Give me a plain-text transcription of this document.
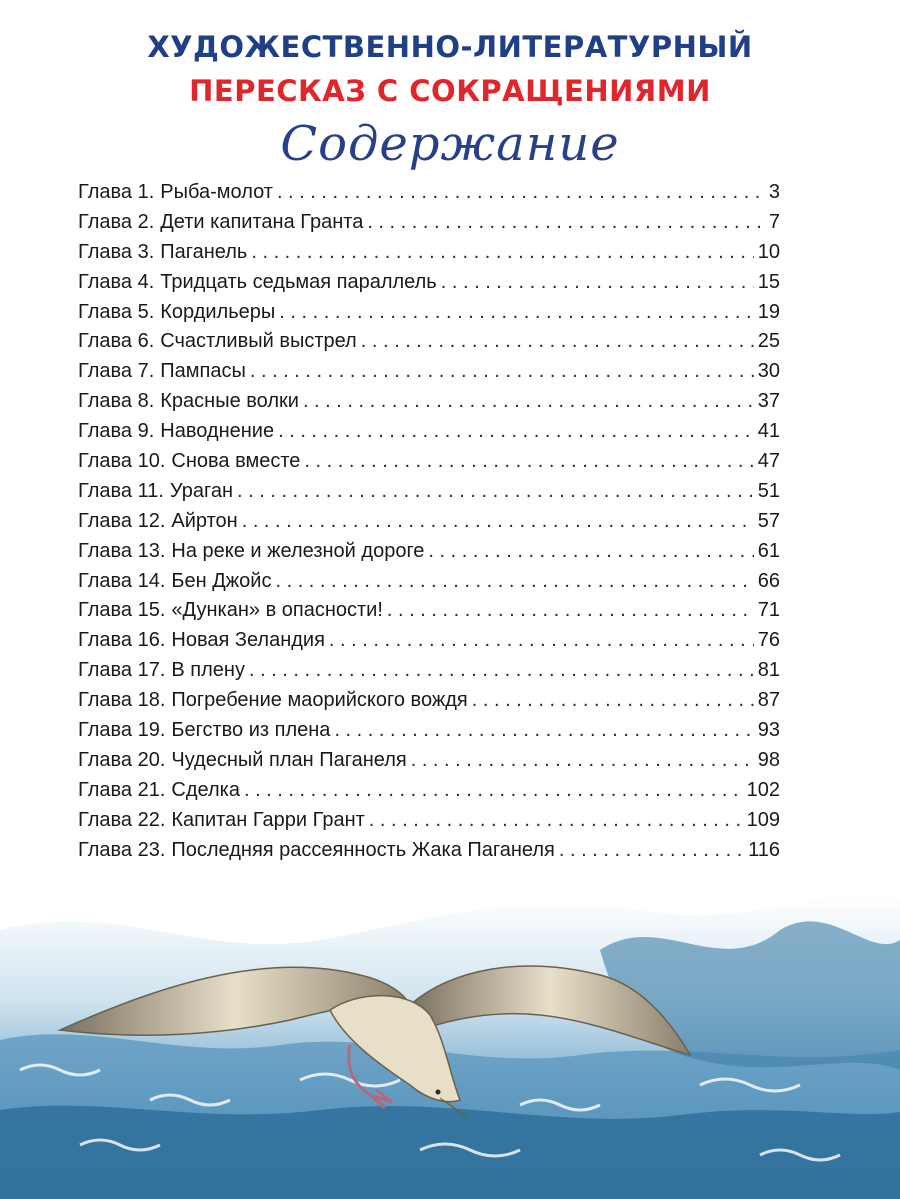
ХУДОЖЕСТВЕННО-ЛИТЕРАТУРНЫЙ
ПЕРЕСКАЗ С СОКРАЩЕНИЯМИ
Содержание
Глава 1. Рыба-молот . . .	3
Глава 2. Дети капитана Гранта . . .	7
Глава 3. Паганель . . .	10
Глава 4. Тридцать седьмая параллель . . .	15
Глава 5. Кордильеры . . .	19
Глава 6. Счастливый выстрел . . .	25
Глава 7. Пампасы . . .	30
Глава 8. Красные волки . . .	37
Глава 9. Наводнение . . .	41
Глава 10. Снова вместе . . .	47
Глава 11. Ураган . . .	51
Глава 12. Айртон . . .	57
Глава 13. На реке и железной дороге . . .	61
Глава 14. Бен Джойс . . .	66
Глава 15. «Дункан» в опасности! . . .	71
Глава 16. Новая Зеландия . . .	76
Глава 17. В плену . . .	81
Глава 18. Погребение маорийского вождя . . .	87
Глава 19. Бегство из плена . . .	93
Глава 20. Чудесный план Паганеля . . .	98
Глава 21. Сделка . . .	102
Глава 22. Капитан Гарри Грант . . .	109
Глава 23. Последняя рассеянность Жака Паганеля . . .	116
